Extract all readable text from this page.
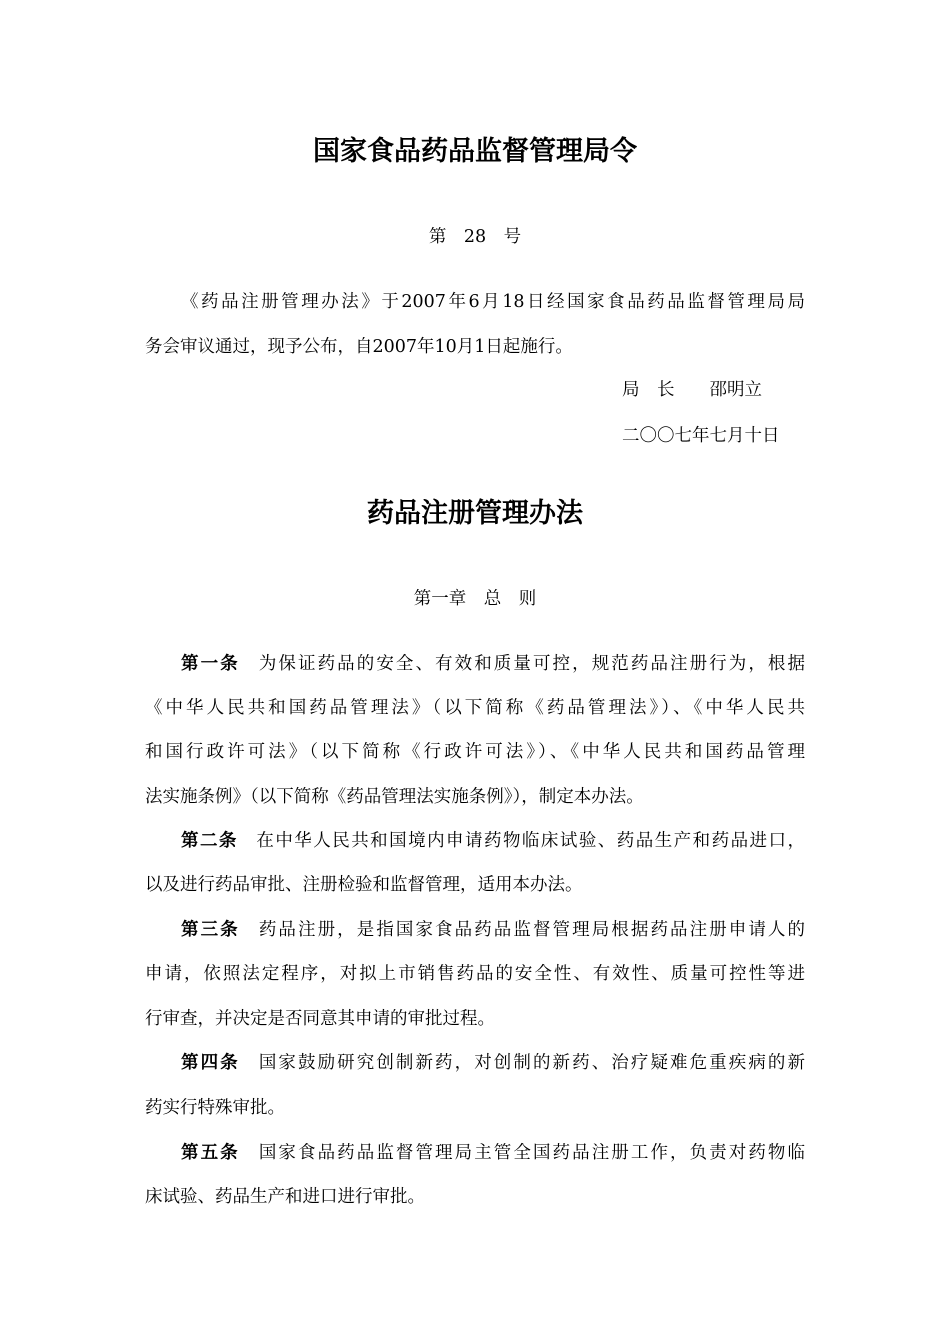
国家食品药品监督管理局令
第　28　号
《药品注册管理办法》于2007年6月18日经国家食品药品监督管理局局
务会审议通过，现予公布，自2007年10月1日起施行。
局　长　　邵明立
二〇〇七年七月十日
药品注册管理办法
第一章　总　则
第一条 为保证药品的安全、有效和质量可控，规范药品注册行为，根据
《中华人民共和国药品管理法》（以下简称《药品管理法》）、《中华人民共
和国行政许可法》（以下简称《行政许可法》）、《中华人民共和国药品管理
法实施条例》（以下简称《药品管理法实施条例》），制定本办法。
第二条 在中华人民共和国境内申请药物临床试验、药品生产和药品进口，
以及进行药品审批、注册检验和监督管理，适用本办法。
第三条 药品注册，是指国家食品药品监督管理局根据药品注册申请人的
申请，依照法定程序，对拟上市销售药品的安全性、有效性、质量可控性等进
行审查，并决定是否同意其申请的审批过程。
第四条 国家鼓励研究创制新药，对创制的新药、治疗疑难危重疾病的新
药实行特殊审批。
第五条 国家食品药品监督管理局主管全国药品注册工作，负责对药物临
床试验、药品生产和进口进行审批。
